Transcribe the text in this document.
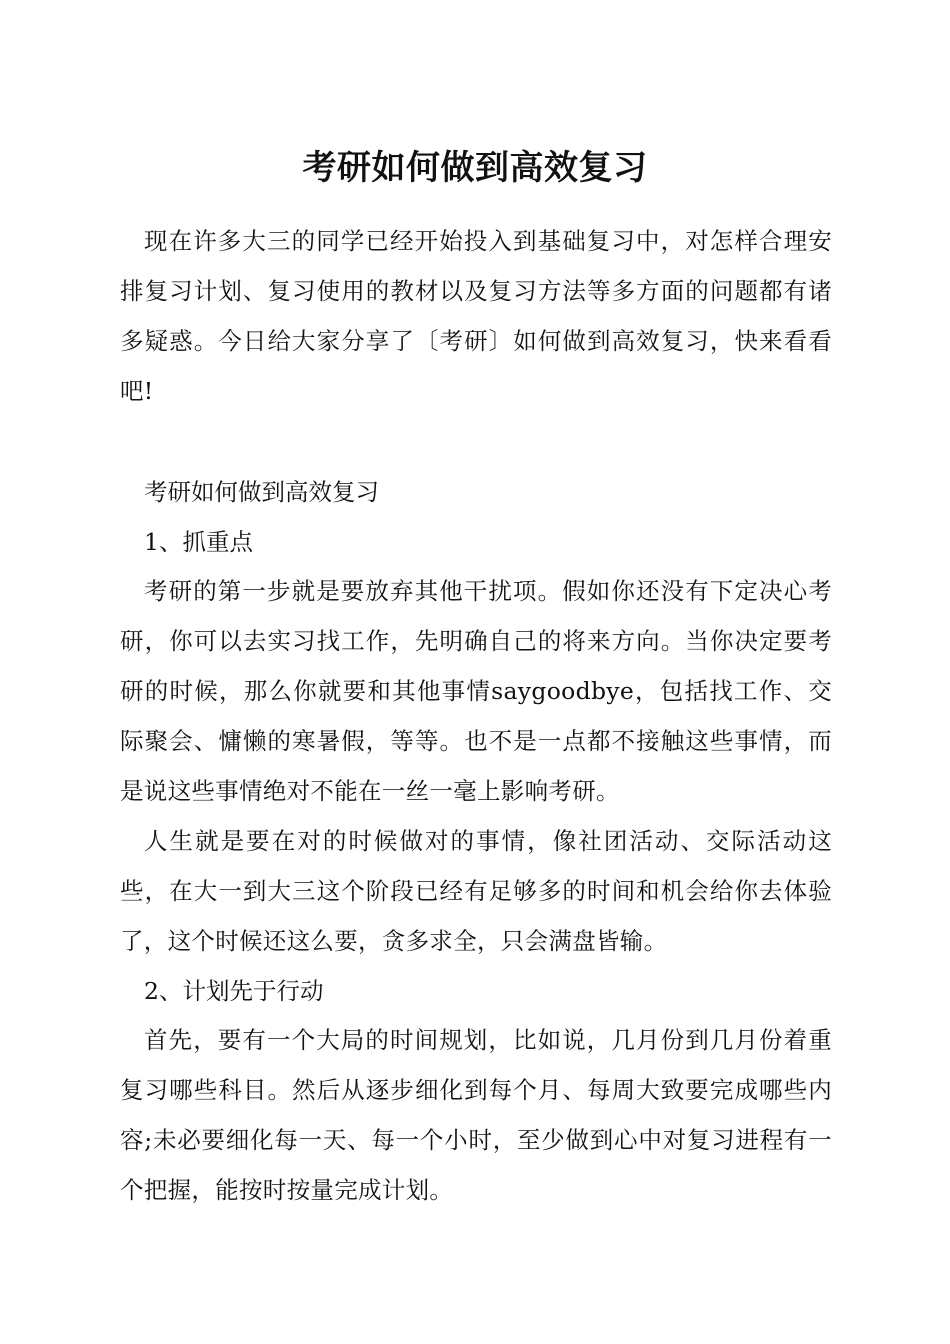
考研如何做到高效复习

现在许多大三的同学已经开始投入到基础复习中，对怎样合理安排复习计划、复习使用的教材以及复习方法等多方面的问题都有诸多疑惑。今日给大家分享了〔考研〕如何做到高效复习，快来看看吧!

考研如何做到高效复习

1、抓重点

考研的第一步就是要放弃其他干扰项。假如你还没有下定决心考研，你可以去实习找工作，先明确自己的将来方向。当你决定要考研的时候，那么你就要和其他事情saygoodbye，包括找工作、交际聚会、慵懒的寒暑假，等等。也不是一点都不接触这些事情，而是说这些事情绝对不能在一丝一毫上影响考研。

人生就是要在对的时候做对的事情，像社团活动、交际活动这些，在大一到大三这个阶段已经有足够多的时间和机会给你去体验了，这个时候还这么要，贪多求全，只会满盘皆输。

2、计划先于行动

首先，要有一个大局的时间规划，比如说，几月份到几月份着重复习哪些科目。然后从逐步细化到每个月、每周大致要完成哪些内容;未必要细化每一天、每一个小时，至少做到心中对复习进程有一个把握，能按时按量完成计划。
